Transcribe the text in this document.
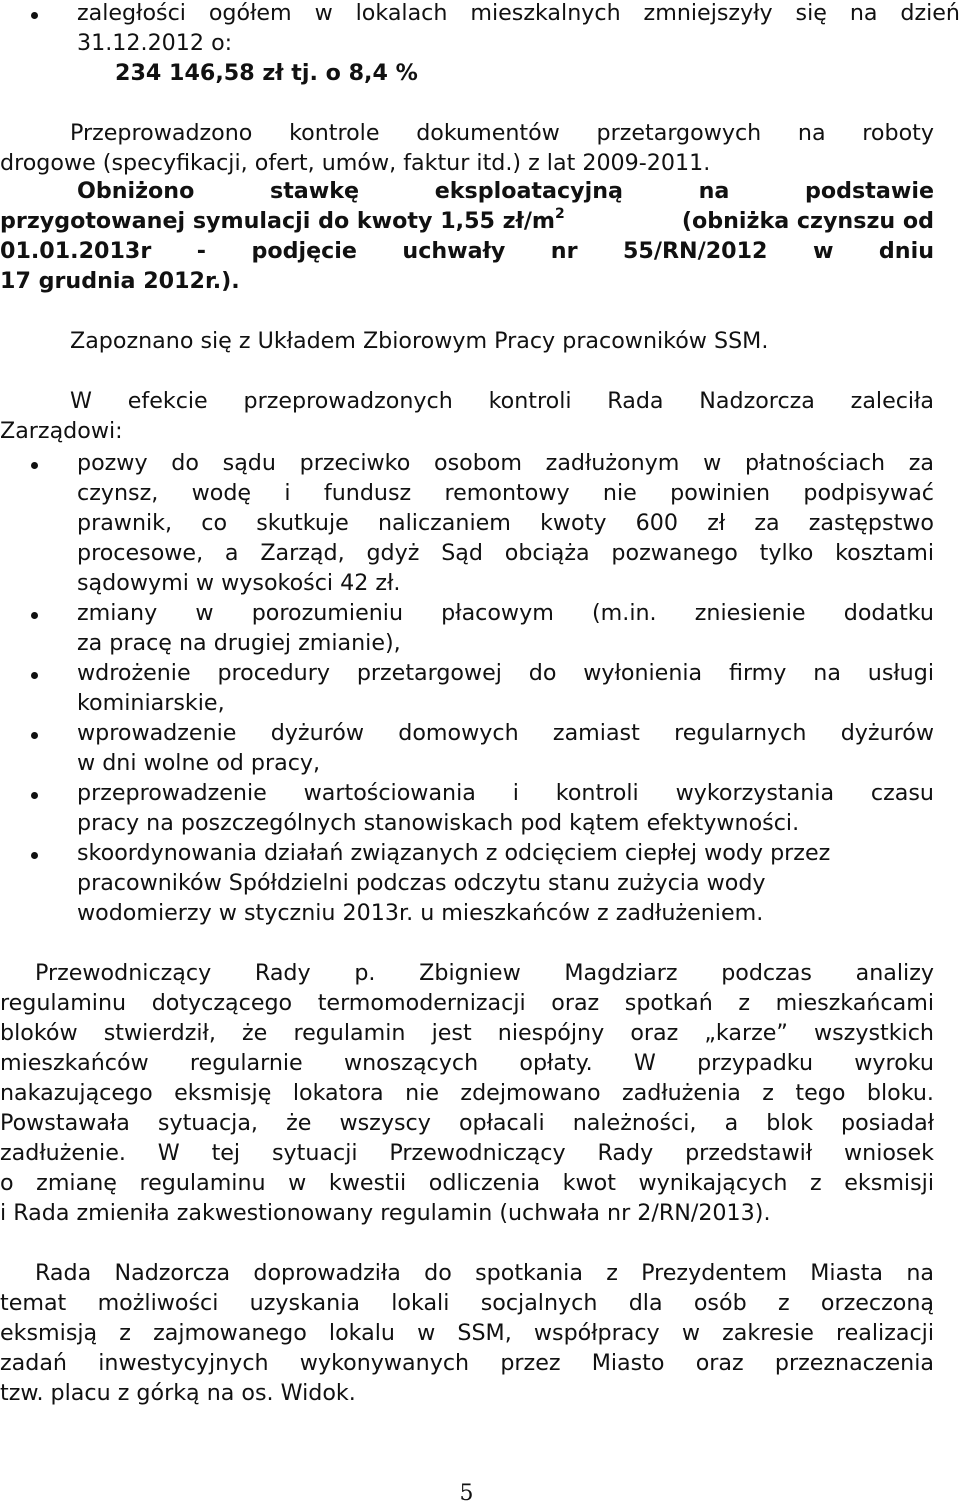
zaległości ogółem w lokalach mieszkalnych zmniejszyły się na dzień
31.12.2012 o:
234 146,58 zł tj. o 8,4 %
Przeprowadzono kontrole dokumentów przetargowych na roboty
drogowe (specyfikacji, ofert, umów, faktur itd.) z lat 2009-2011.
Obniżono stawkę eksploatacyjną na podstawie
przygotowanej symulacji do kwoty 1,55 $zł/m^2$	(obniżka czynszu od
01.01.2013r - podjęcie uchwały nr 55/RN/2012 w dniu
17 grudnia 2012r.).
Zapoznano się z Układem Zbiorowym Pracy pracowników SSM.
W efekcie przeprowadzonych kontroli Rada Nadzorcza zaleciła
Zarządowi:
pozwy do sądu przeciwko osobom zadłużonym w płatnościach za
czynsz, wodę i fundusz remontowy nie powinien podpisywać
prawnik, co skutkuje naliczaniem kwoty 600 zł za zastępstwo
procesowe, a Zarząd, gdyż Sąd obciąża pozwanego tylko kosztami
sądowymi w wysokości 42 zł.
zmiany w porozumieniu płacowym (m.in. zniesienie dodatku
za pracę na drugiej zmianie),
wdrożenie procedury przetargowej do wyłonienia firmy na usługi
kominiarskie,
wprowadzenie dyżurów domowych zamiast regularnych dyżurów
w dni wolne od pracy,
przeprowadzenie wartościowania i kontroli wykorzystania czasu
pracy na poszczególnych stanowiskach pod kątem efektywności.
skoordynowania działań związanych z odcięciem ciepłej wody przez
pracowników Spółdzielni podczas odczytu stanu zużycia wody
wodomierzy w styczniu 2013r. u mieszkańców z zadłużeniem.
Przewodniczący Rady p. Zbigniew Magdziarz podczas analizy
regulaminu dotyczącego termomodernizacji oraz spotkań z mieszkańcami
bloków stwierdził, że regulamin jest niespójny oraz „karze” wszystkich
mieszkańców regularnie wnoszących opłaty. W przypadku wyroku
nakazującego eksmisję lokatora nie zdejmowano zadłużenia z tego bloku.
Powstawała sytuacja, że wszyscy opłacali należności, a blok posiadał
zadłużenie. W tej sytuacji Przewodniczący Rady przedstawił wniosek
o zmianę regulaminu w kwestii odliczenia kwot wynikających z eksmisji
i Rada zmieniła zakwestionowany regulamin (uchwała nr 2/RN/2013).
Rada Nadzorcza doprowadziła do spotkania z Prezydentem Miasta na
temat możliwości uzyskania lokali socjalnych dla osób z orzeczoną
eksmisją z zajmowanego lokalu w SSM, współpracy w zakresie realizacji
zadań inwestycyjnych wykonywanych przez Miasto oraz przeznaczenia
tzw. placu z górką na os. Widok.
5
